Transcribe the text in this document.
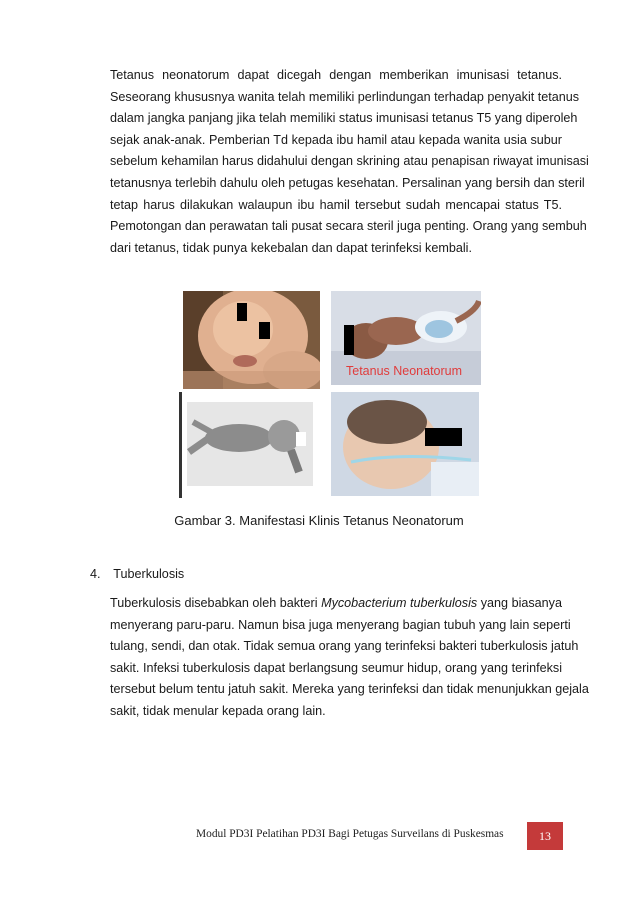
Tetanus neonatorum dapat dicegah dengan memberikan imunisasi tetanus.
Seseorang khususnya wanita telah memiliki perlindungan terhadap penyakit tetanus
dalam jangka panjang jika telah memiliki status imunisasi tetanus T5 yang diperoleh
sejak anak-anak. Pemberian Td kepada ibu hamil atau kepada wanita usia subur
sebelum kehamilan harus didahului dengan skrining atau penapisan riwayat imunisasi
tetanusnya terlebih dahulu oleh petugas kesehatan. Persalinan yang bersih dan steril
tetap harus dilakukan walaupun ibu hamil tersebut sudah mencapai status T5.
Pemotongan dan perawatan tali pusat secara steril juga penting. Orang yang sembuh
dari tetanus, tidak punya kekebalan dan dapat terinfeksi kembali.
Tetanus Neonatorum
Gambar 3. Manifestasi Klinis Tetanus Neonatorum
4. Tuberkulosis
Tuberkulosis disebabkan oleh bakteri Mycobacterium tuberkulosis yang biasanya
menyerang paru-paru. Namun bisa juga menyerang bagian tubuh yang lain seperti
tulang, sendi, dan otak. Tidak semua orang yang terinfeksi bakteri tuberkulosis jatuh
sakit. Infeksi tuberkulosis dapat berlangsung seumur hidup, orang yang terinfeksi
tersebut belum tentu jatuh sakit. Mereka yang terinfeksi dan tidak menunjukkan gejala
sakit, tidak menular kepada orang lain.
Modul PD3I Pelatihan PD3I Bagi Petugas Surveilans di Puskesmas	13
